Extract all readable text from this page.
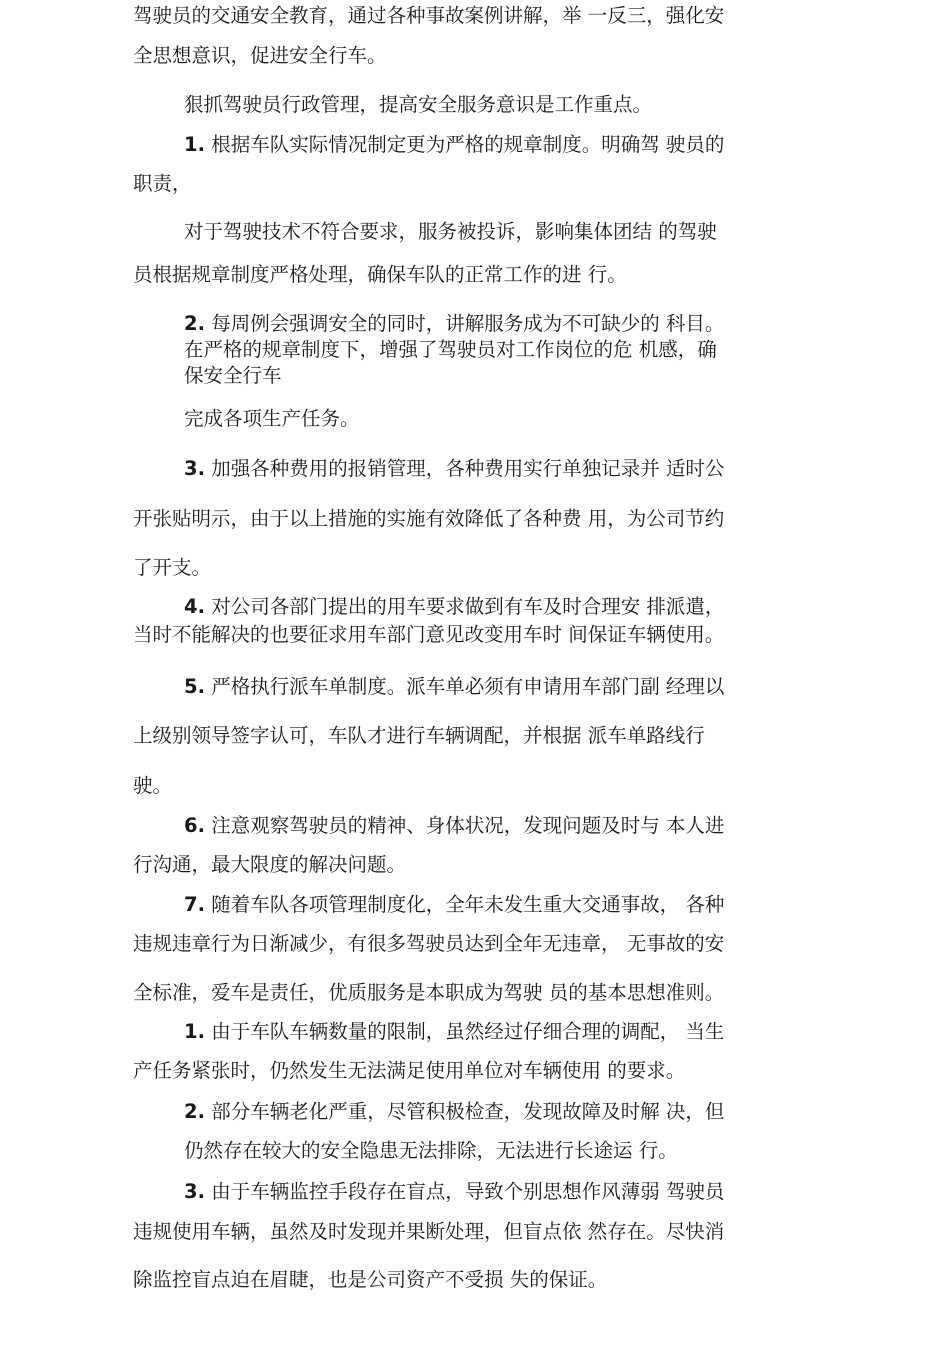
驾驶员的交通安全教育，通过各种事故案例讲解，举 一反三，强化安
全思想意识，促进安全行车。
狠抓驾驶员行政管理，提高安全服务意识是工作重点。
1. 根据车队实际情况制定更为严格的规章制度。明确驾 驶员的
职责，
对于驾驶技术不符合要求，服务被投诉，影响集体团结 的驾驶
员根据规章制度严格处理，确保车队的正常工作的进 行。
2. 每周例会强调安全的同时，讲解服务成为不可缺少的 科目。
在严格的规章制度下，增强了驾驶员对工作岗位的危 机感，确
保安全行车
完成各项生产任务。
3. 加强各种费用的报销管理，各种费用实行单独记录并 适时公
开张贴明示，由于以上措施的实施有效降低了各种费 用，为公司节约
了开支。
4. 对公司各部门提出的用车要求做到有车及时合理安 排派遣，
当时不能解决的也要征求用车部门意见改变用车时 间保证车辆使用。
5. 严格执行派车单制度。派车单必须有申请用车部门副 经理以
上级别领导签字认可，车队才进行车辆调配，并根据 派车单路线行
驶。
6. 注意观察驾驶员的精神、身体状况，发现问题及时与 本人进
行沟通，最大限度的解决问题。
7. 随着车队各项管理制度化，全年未发生重大交通事故， 各种
违规违章行为日渐减少，有很多驾驶员达到全年无违章， 无事故的安
全标准，爱车是责任，优质服务是本职成为驾驶 员的基本思想准则。
1. 由于车队车辆数量的限制，虽然经过仔细合理的调配， 当生
产任务紧张时，仍然发生无法满足使用单位对车辆使用 的要求。
2. 部分车辆老化严重，尽管积极检查，发现故障及时解 决，但
仍然存在较大的安全隐患无法排除，无法进行长途运 行。
3. 由于车辆监控手段存在盲点，导致个别思想作风薄弱 驾驶员
违规使用车辆，虽然及时发现并果断处理，但盲点依 然存在。尽快消
除监控盲点迫在眉睫，也是公司资产不受损 失的保证。
